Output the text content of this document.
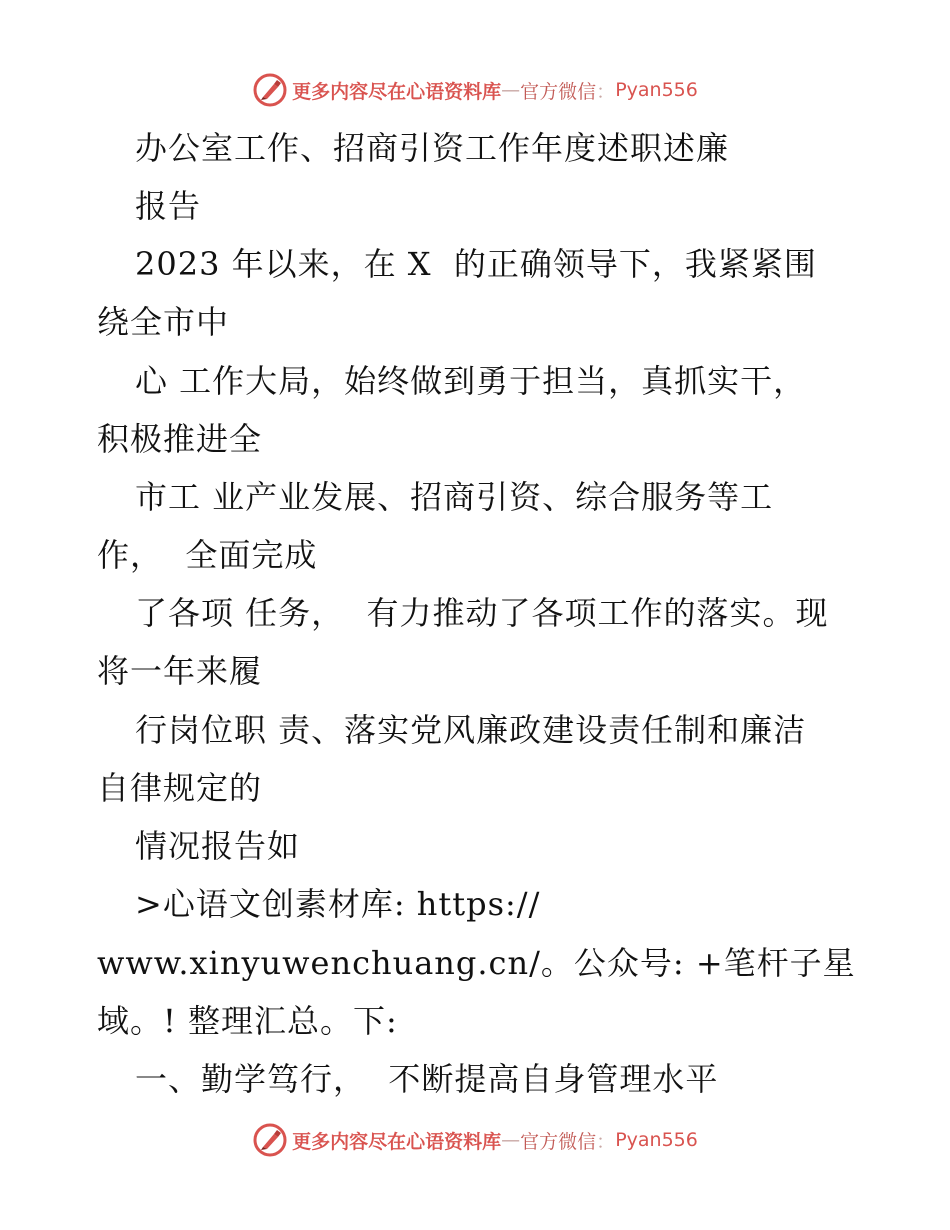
更多内容尽在心语资料库 — 官方微信 ： Pyan556
办公室工作、招商引资工作年度述职述廉
报告
2023 年以来，在 X  的正确领导下，我紧紧围
绕全市中
心 工作大局，始终做到勇于担当，真抓实干，
积极推进全
市工 业产业发展、招商引资、综合服务等工
作，  全面完成
了各项 任务，  有力推动了各项工作的落实。现
将一年来履
行岗位职 责、落实党风廉政建设责任制和廉洁
自律规定的
情况报告如
>心语文创素材库: https://
www.xinyuwenchuang.cn/。公众号: +笔杆子星
域。! 整理汇总。下:
一、勤学笃行，  不断提高自身管理水平
更多内容尽在心语资料库 — 官方微信 ： Pyan556
